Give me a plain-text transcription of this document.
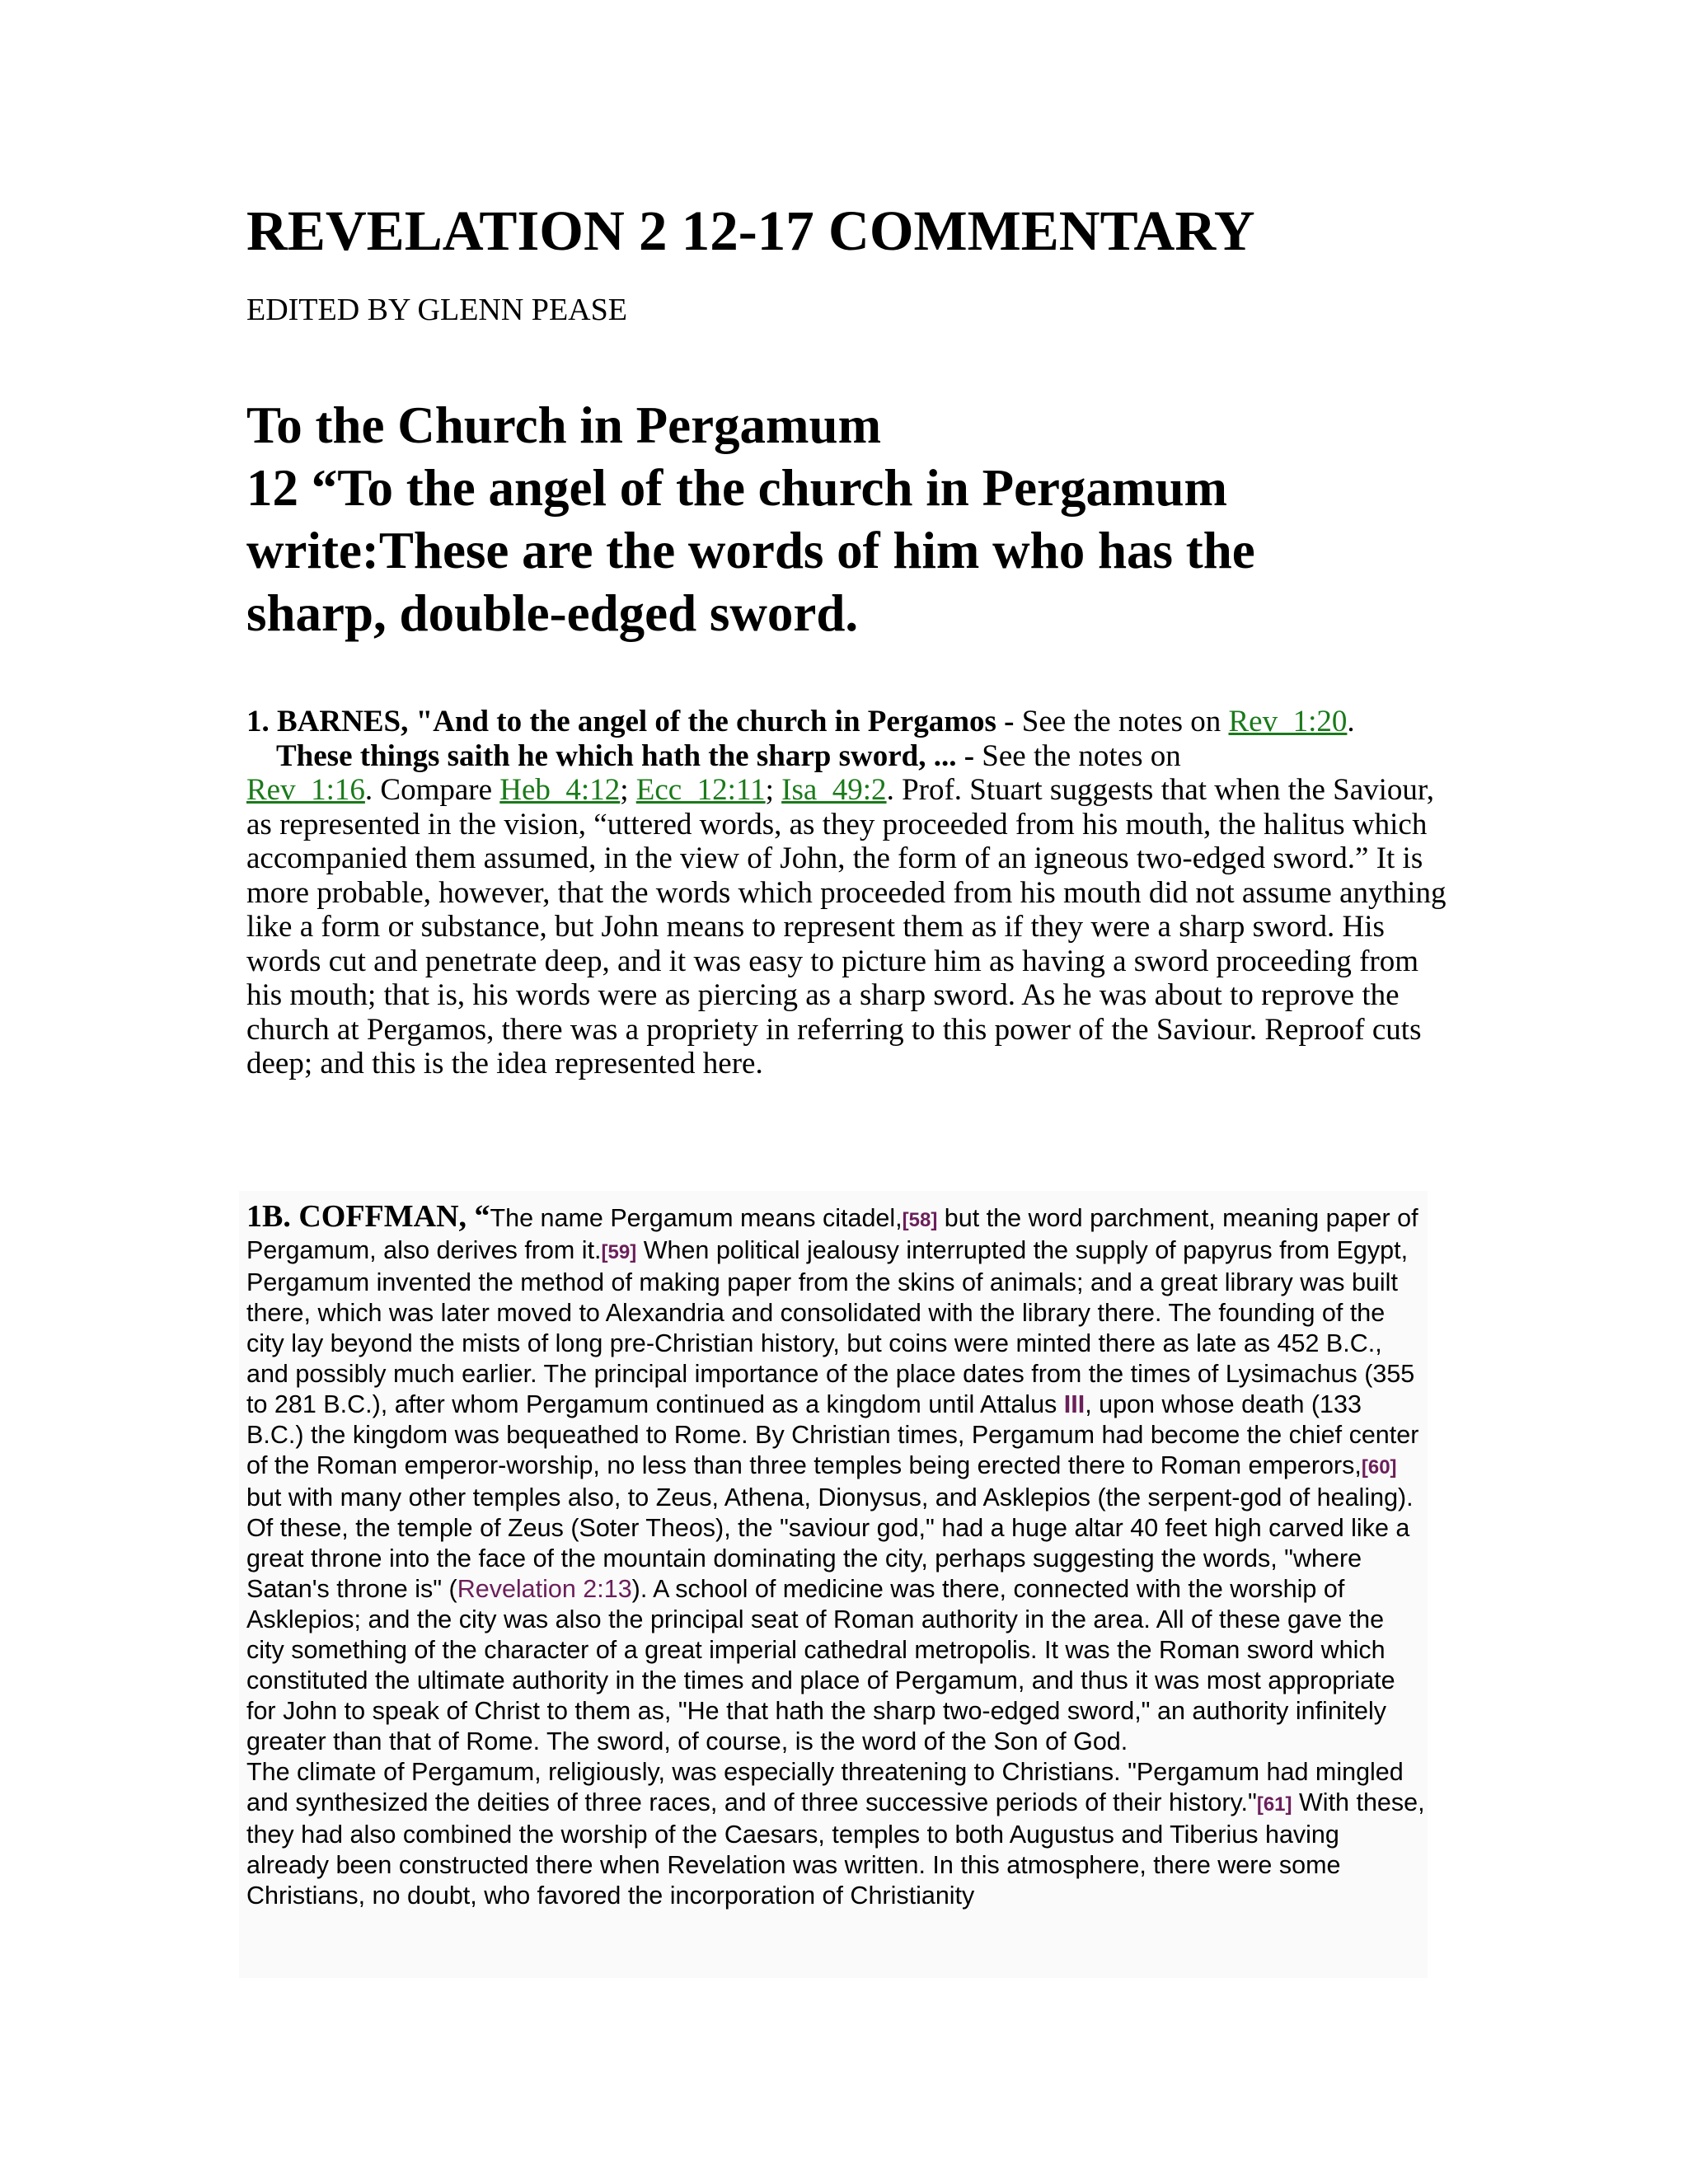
REVELATION 2 12-17 COMMENTARY

EDITED BY GLENN PEASE

To the Church in Pergamum
12 “To the angel of the church in Pergamum
write:These are the words of him who has the
sharp, double-edged sword.

1. BARNES, "And to the angel of the church in Pergamos - See the notes on Rev_1:20.

These things saith he which hath the sharp sword, ... - See the notes on

Rev_1:16. Compare Heb_4:12; Ecc_12:11; Isa_49:2. Prof. Stuart suggests that when the Saviour, as represented in the vision, “uttered words, as they proceeded from his mouth, the halitus which accompanied them assumed, in the view of John, the form of an igneous two-edged sword.” It is more probable, however, that the words which proceeded from his mouth did not assume anything like a form or substance, but John means to represent them as if they were a sharp sword. His words cut and penetrate deep, and it was easy to picture him as having a sword proceeding from his mouth; that is, his words were as piercing as a sharp sword. As he was about to reprove the church at Pergamos, there was a propriety in referring to this power of the Saviour. Reproof cuts deep; and this is the idea represented here.

1B. COFFMAN, “The name Pergamum means citadel,[58] but the word parchment, meaning paper of Pergamum, also derives from it.[59] When political jealousy interrupted the supply of papyrus from Egypt, Pergamum invented the method of making paper from the skins of animals; and a great library was built there, which was later moved to Alexandria and consolidated with the library there. The founding of the city lay beyond the mists of long pre-Christian history, but coins were minted there as late as 452 B.C., and possibly much earlier. The principal importance of the place dates from the times of Lysimachus (355 to 281 B.C.), after whom Pergamum continued as a kingdom until Attalus III, upon whose death (133 B.C.) the kingdom was bequeathed to Rome. By Christian times, Pergamum had become the chief center of the Roman emperor-worship, no less than three temples being erected there to Roman emperors,[60] but with many other temples also, to Zeus, Athena, Dionysus, and Asklepios (the serpent-god of healing). Of these, the temple of Zeus (Soter Theos), the "saviour god," had a huge altar 40 feet high carved like a great throne into the face of the mountain dominating the city, perhaps suggesting the words, "where Satan's throne is" (Revelation 2:13). A school of medicine was there, connected with the worship of Asklepios; and the city was also the principal seat of Roman authority in the area. All of these gave the city something of the character of a great imperial cathedral metropolis. It was the Roman sword which constituted the ultimate authority in the times and place of Pergamum, and thus it was most appropriate for John to speak of Christ to them as, "He that hath the sharp two-edged sword," an authority infinitely greater than that of Rome. The sword, of course, is the word of the Son of God.

The climate of Pergamum, religiously, was especially threatening to Christians. "Pergamum had mingled and synthesized the deities of three races, and of three successive periods of their history."[61] With these, they had also combined the worship of the Caesars, temples to both Augustus and Tiberius having already been constructed there when Revelation was written. In this atmosphere, there were some Christians, no doubt, who favored the incorporation of Christianity
